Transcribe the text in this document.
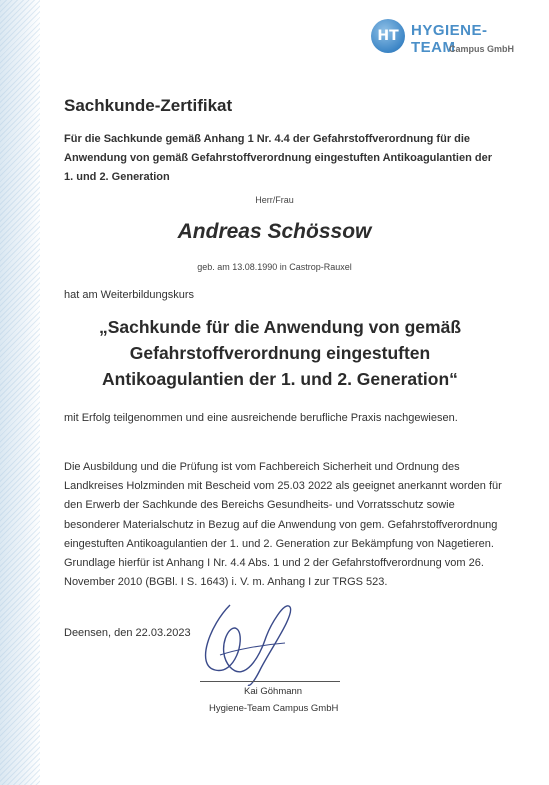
HT HYGIENE-TEAM
Campus GmbH
Sachkunde-Zertifikat
Für die Sachkunde gemäß Anhang 1 Nr. 4.4 der Gefahrstoffverordnung für die Anwendung von gemäß Gefahrstoffverordnung eingestuften Antikoagulantien der 1. und 2. Generation
Herr/Frau
Andreas Schössow
geb. am 13.08.1990 in Castrop-Rauxel
hat am Weiterbildungskurs
„Sachkunde für die Anwendung von gemäß Gefahrstoffverordnung eingestuften Antikoagulantien der 1. und 2. Generation“
mit Erfolg teilgenommen und eine ausreichende berufliche Praxis nachgewiesen.
Die Ausbildung und die Prüfung ist vom Fachbereich Sicherheit und Ordnung des Landkreises Holzminden mit Bescheid vom 25.03 2022 als geeignet anerkannt worden für den Erwerb der Sachkunde des Bereichs Gesundheits- und Vorratsschutz sowie besonderer Materialschutz in Bezug auf die Anwendung von gem. Gefahrstoffverordnung eingestuften Antikoagulantien der 1. und 2. Generation zur Bekämpfung von Nagetieren. Grundlage hierfür ist Anhang I Nr. 4.4 Abs. 1 und 2 der Gefahrstoffverordnung vom 26. November 2010 (BGBl. I S. 1643) i. V. m. Anhang I zur TRGS 523.
Deensen, den 22.03.2023
Kai Göhmann
Hygiene-Team Campus GmbH
